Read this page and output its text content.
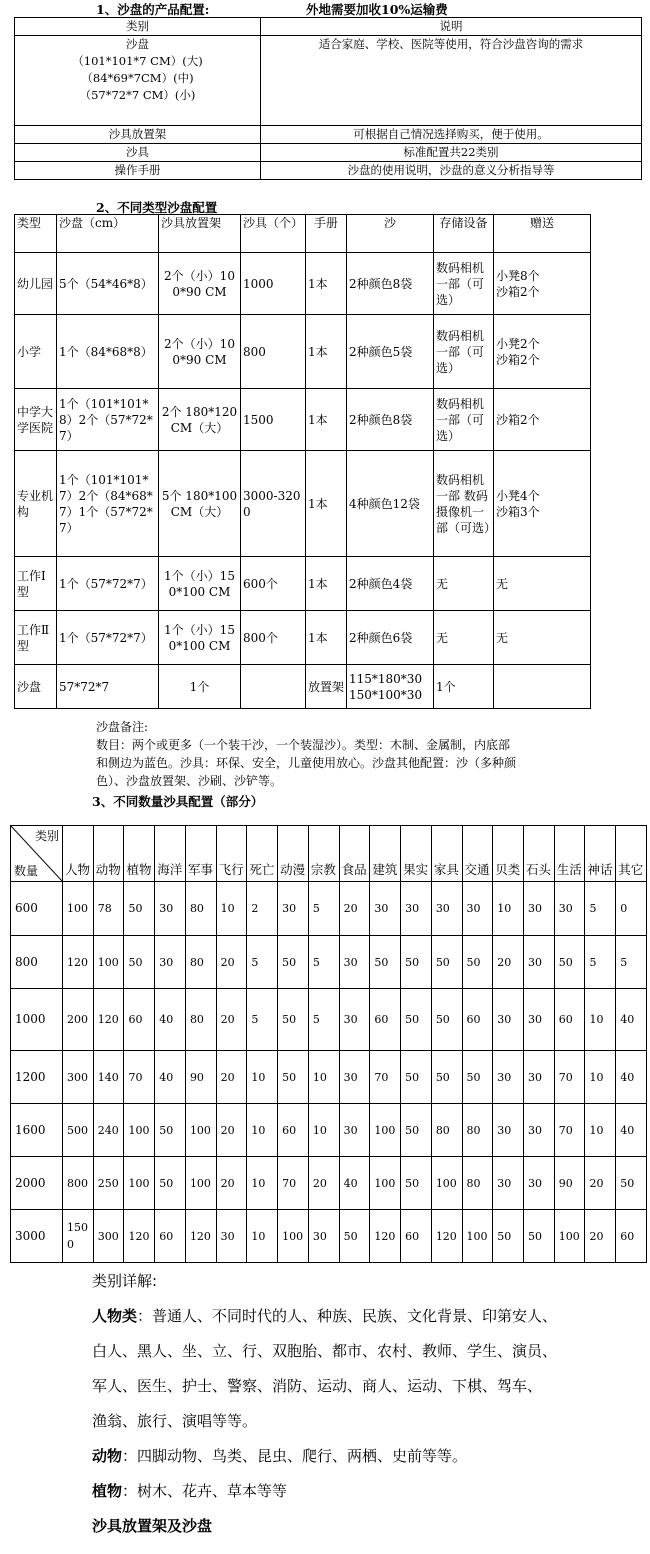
1、沙盘的产品配置:	外地需要加收10%运输费
类别	说明

沙盘
（101*101*7 CM）(大)
（84*69*7CM）(中)
（57*72*7 CM）(小)	适合家庭、学校、医院等使用，符合沙盘咨询的需求
沙具放置架	可根据自己情况选择购买，便于使用。
沙具	标准配置共22类别
操作手册	沙盘的使用说明，沙盘的意义分析指导等
2、不同类型沙盘配置
类型	沙盘（cm）	沙具放置架	沙具（个）	手册	沙	存储设备	赠送
幼儿园	5个（54*46*8）	2个（小）100*90 CM	1000	1本	2种颜色8袋	数码相机一部（可选）	小凳8个
沙箱2个
小学	1个（84*68*8）	2个（小）100*90 CM	800	1本	2种颜色5袋	数码相机一部（可选）	小凳2个
沙箱2个
中学大学医院	1个（101*101*8）2个（57*72*7）	2个 180*120 CM（大）	1500	1本	2种颜色8袋	数码相机一部（可选）	沙箱2个
专业机构	1个（101*101*7）2个（84*68*7）1个（57*72*7）	5个 180*100 CM（大）	3000-3200	1本	4种颜色12袋	数码相机一部 数码摄像机一部（可选）	小凳4个
沙箱3个
工作Ⅰ型	1个（57*72*7）	1个（小）150*100 CM	600个	1本	2种颜色4袋	无	无
工作Ⅱ型	1个（57*72*7）	1个（小）150*100 CM	800个	1本	2种颜色6袋	无	无
沙盘	57*72*7	1个		放置架	115*180*30
150*100*30	1个	
沙盘备注:
数目：两个或更多（一个装干沙，一个装湿沙）。类型：木制、金属制，内底部
和侧边为蓝色。沙具：环保、安全，儿童使用放心。沙盘其他配置：沙（多种颜
色）、沙盘放置架、沙刷、沙铲等。
3、不同数量沙具配置（部分）
类别
数量	人物	动物	植物	海洋	军事	飞行	死亡	动漫	宗教	食品	建筑	果实	家具	交通	贝类	石头	生活	神话	其它
600	100	78	50	30	80	10	2	30	5	20	30	30	30	30	10	30	30	5	0
800	120	100	50	30	80	20	5	50	5	30	50	50	50	50	20	30	50	5	5
1000	200	120	60	40	80	20	5	50	5	30	60	50	50	60	30	30	60	10	40
1200	300	140	70	40	90	20	10	50	10	30	70	50	50	50	30	30	70	10	40
1600	500	240	100	50	100	20	10	60	10	30	100	50	80	80	30	30	70	10	40
2000	800	250	100	50	100	20	10	70	20	40	100	50	100	80	30	30	90	20	50
3000	1500	300	120	60	120	30	10	100	30	50	120	60	120	100	50	50	100	20	60
类别详解:
人物类：普通人、不同时代的人、种族、民族、文化背景、印第安人、
白人、黑人、坐、立、行、双胞胎、都市、农村、教师、学生、演员、
军人、医生、护士、警察、消防、运动、商人、运动、下棋、驾车、
渔翁、旅行、演唱等等。
动物：四脚动物、鸟类、昆虫、爬行、两栖、史前等等。
植物：树木、花卉、草本等等
沙具放置架及沙盘
